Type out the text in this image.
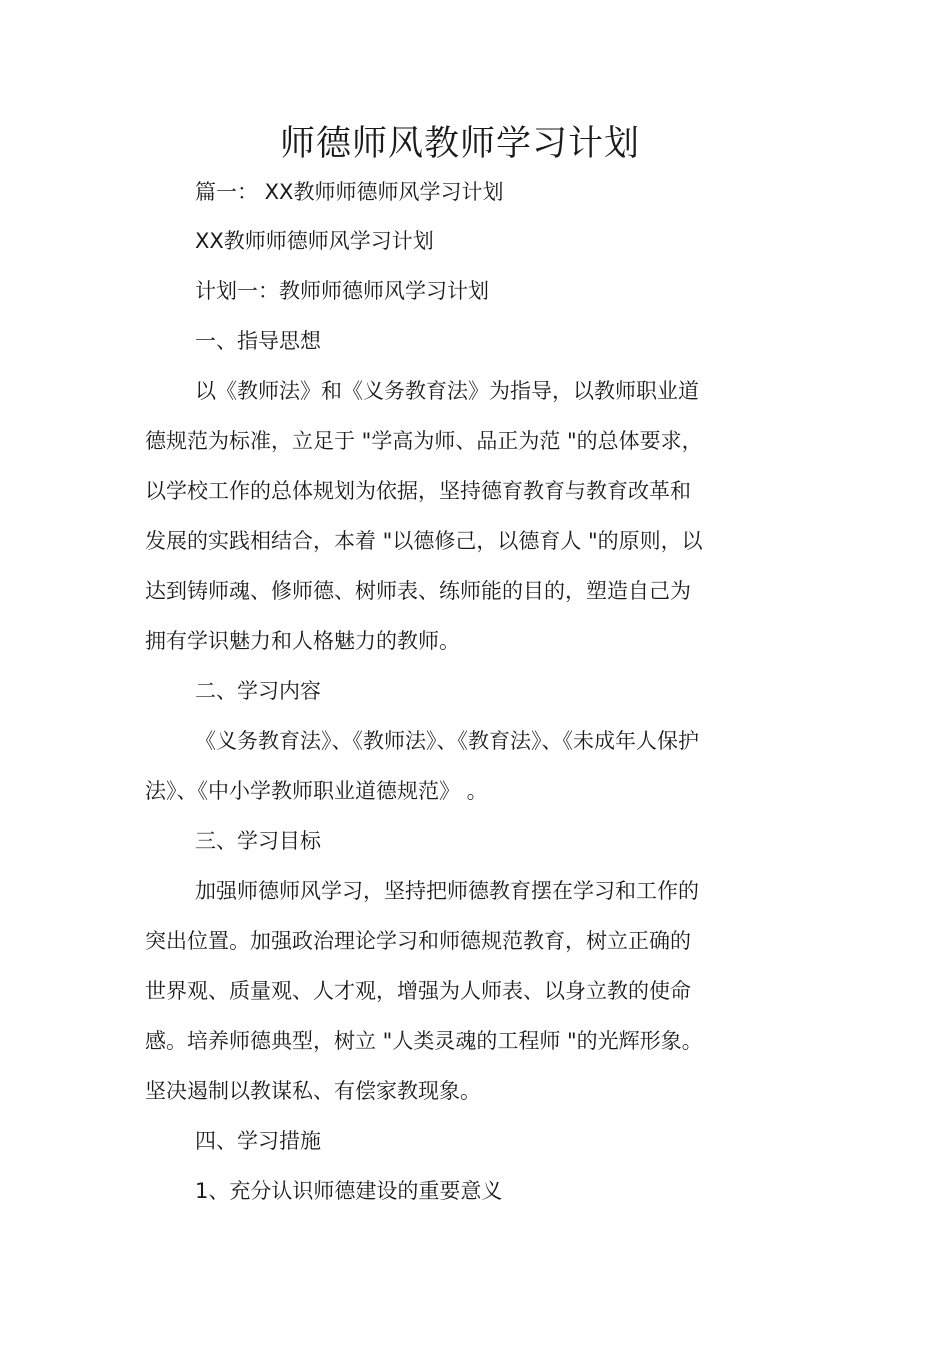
师德师风教师学习计划
篇一： XX教师师德师风学习计划
XX教师师德师风学习计划
计划一：教师师德师风学习计划
一、指导思想
以《教师法》和《义务教育法》为指导，以教师职业道
德规范为标准，立足于 "学高为师、品正为范 "的总体要求，
以学校工作的总体规划为依据，坚持德育教育与教育改革和
发展的实践相结合，本着 "以德修己，以德育人 "的原则，以
达到铸师魂、修师德、树师表、练师能的目的，塑造自己为
拥有学识魅力和人格魅力的教师。
二、学习内容
《义务教育法》、《教师法》、《教育法》、《未成年人保护
法》、《中小学教师职业道德规范》 。
三、学习目标
加强师德师风学习，坚持把师德教育摆在学习和工作的
突出位置。加强政治理论学习和师德规范教育，树立正确的
世界观、质量观、人才观，增强为人师表、以身立教的使命
感。培养师德典型，树立 "人类灵魂的工程师 "的光辉形象。
坚决遏制以教谋私、有偿家教现象。
四、学习措施
1、充分认识师德建设的重要意义
